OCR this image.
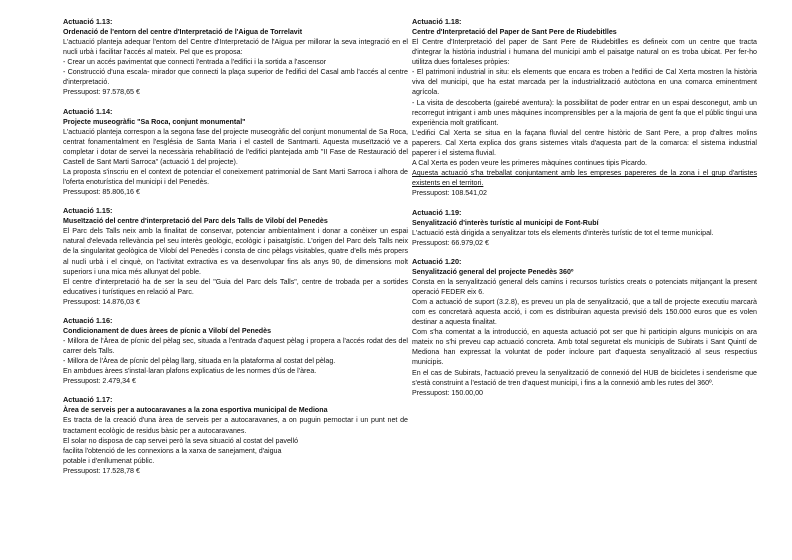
Actuació 1.13:
Ordenació de l'entorn del centre d'Interpretació de l'Aigua de Torrelavit

L'actuació planteja adequar l'entorn del Centre d'Interpretació de l'Aigua per millorar la seva integració en el nucli urbà i facilitar l'accés al mateix. Pel que es proposa:

- Crear un accés pavimentat que connecti l'entrada a l'edifici i la sortida a l'ascensor

- Construcció d'una escala- mirador que connecti la plaça superior de l'edifici del Casal amb l'accés al centre d'interpretació.

Pressupost: 97.578,65 €
Actuació 1.14:
Projecte museogràfic "Sa Roca, conjunt monumental"

L'actuació planteja correspon a la segona fase del projecte museogràfic del conjunt monumental de Sa Roca, centrat fonamentalment en l'església de Santa Maria i el castell de Santmarti. Aquesta museïtzació ve a completar i dotar de servei la necessària rehabilitació de l'edifici plantejada amb "II Fase de Restauració del Castell de Sant Marti Sarroca" (actuació 1 del projecte).

La proposta s'inscriu en el context de potenciar el coneixement patrimonial de Sant Marti Sarroca i alhora de l'oferta enoturística del municipi i del Penedès.

Pressupost: 85.806,16 €
Actuació 1.15:
Museïtzació del centre d'interpretació del Parc dels Talls de Vilobí del Penedès

El Parc dels Talls neix amb la finalitat de conservar, potenciar ambientalment i donar a conèixer un espai natural d'elevada rellevància pel seu interès geològic, ecològic i paisatgístic. L'origen del Parc dels Talls neix de la singularitat geològica de Vilobí del Penedès i consta de cinc pèlags visitables, quatre d'ells més propers al nucli urbà i el cinquè, on l'activitat extractiva es va desenvolupar fins als anys 90, de dimensions molt superiors i una mica més allunyat del poble.

El centre d'interpretació ha de ser la seu del "Guia del Parc dels Talls", centre de trobada per a sortides educatives i turístiques en relació al Parc.

Pressupost: 14.876,03 €
Actuació 1.16:
Condicionament de dues àrees de pícnic a Vilobí del Penedès

- Millora de l'Àrea de pícnic del pèlag sec, situada a l'entrada d'aquest pèlag i propera a l'accés rodat des del carrer dels Talls.

- Millora de l'Àrea de pícnic del pèlag llarg, situada en la plataforma al costat del pèlag.

En ambdues àrees s'instal·laran plafons explicatius de les normes d'ús de l'àrea.

Pressupost: 2.479,34 €
Actuació 1.17:
Àrea de serveis per a autocaravanes a la zona esportiva municipal de Mediona

Es tracta de la creació d'una àrea de serveis per a autocaravanes, a on puguin pernoctar i un punt net de tractament ecològic de residus bàsic per a autocaravanes.

El solar no disposa de cap servei però la seva situació al costat del pavelló

facilita l'obtenció de les connexions a la xarxa de sanejament, d'aigua

potable i d'enllumenat públic.

Pressupost: 17.528,78 €
Actuació 1.18:
Centre d'Interpretació del Paper de Sant Pere de Riudebitlles

El Centre d'Interpretació del paper de Sant Pere de Riudebitlles es defineix com un centre que tracta d'integrar la història industrial i humana del municipi amb el paisatge natural on es troba ubicat. Per fer-ho utilitza dues fortaleses pròpies:

- El patrimoni industrial in situ: els elements que encara es troben a l'edifici de Cal Xerta mostren la història viva del municipi, que ha estat marcada per la industrialització autòctona en una comarca eminentment agrícola.

- La visita de descoberta (gairebé aventura): la possibilitat de poder entrar en un espai desconegut, amb un recorregut intrigant i amb unes màquines incomprensibles per a la majoria de gent fa que el públic tingui una experiència molt gratificant.

L'edifici Cal Xerta se situa en la façana fluvial del centre històric de Sant Pere, a prop d'altres molins paperers. Cal Xerta explica dos grans sistemes vitals d'aquesta part de la comarca: el sistema industrial paperer i el sistema fluvial.

A Cal Xerta es poden veure les primeres màquines continues tipis Picardo.

Aquesta actuació s'ha treballat conjuntament amb les empreses papereres de la zona i el grup d'artistes existents en el territori.

Pressupost: 108.541,02
Actuació 1.19:
Senyalització d'interès turístic al municipi de Font-Rubí

L'actuació està dirigida a senyalitzar tots els elements d'interès turístic de tot el terme municipal.

Pressupost: 66.979,02 €
Actuació 1.20:
Senyalització general del projecte Penedès 360º

Consta en la senyalització general dels camins i recursos turístics creats o potenciats mitjançant la present operació FEDER eix 6.

Com a actuació de suport (3.2.8), es preveu un pla de senyalització, que a tall de projecte executiu marcarà com es concretarà aquesta acció, i com es distribuiran aquesta previsió dels 150.000 euros que es volen destinar a aquesta finalitat.

Com s'ha comentat a la introducció, en aquesta actuació pot ser que hi participin alguns municipis on ara mateix no s'hi preveu cap actuació concreta. Amb total seguretat els municipis de Subirats i Sant Quintí de Mediona han expressat la voluntat de poder incloure part d'aquesta senyalització al seus respectius municipis.

En el cas de Subirats, l'actuació preveu la senyalització de connexió del HUB de bicicletes i senderisme que s'està construint a l'estació de tren d'aquest municipi, i fins a la connexió amb les rutes del 360º.

Pressupost: 150.00,00
